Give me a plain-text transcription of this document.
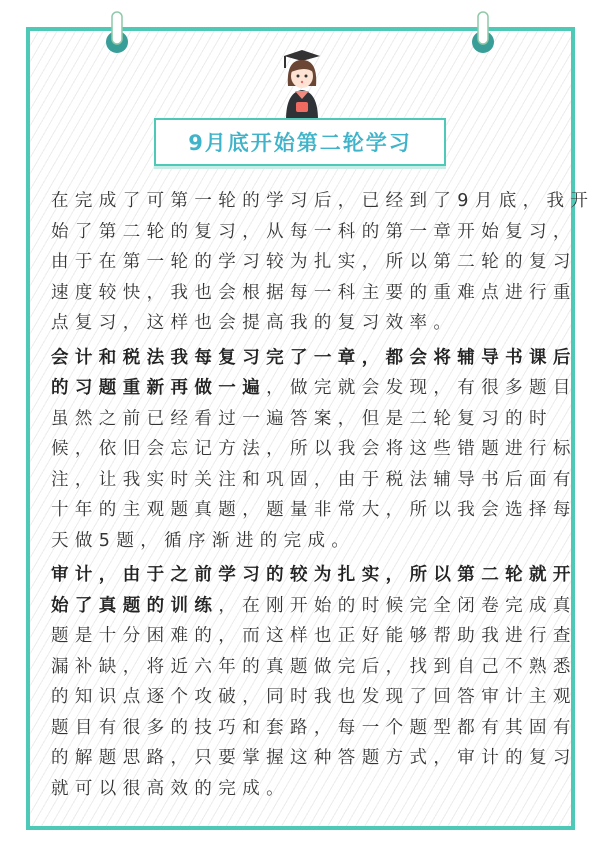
9月底开始第二轮学习
在完成了可第一轮的学习后，已经到了9月底，我开
始了第二轮的复习，从每一科的第一章开始复习，
由于在第一轮的学习较为扎实，所以第二轮的复习
速度较快，我也会根据每一科主要的重难点进行重
点复习，这样也会提高我的复习效率。
会计和税法我每复习完了一章，都会将辅导书课后
的习题重新再做一遍，做完就会发现，有很多题目
虽然之前已经看过一遍答案，但是二轮复习的时
候，依旧会忘记方法，所以我会将这些错题进行标
注，让我实时关注和巩固，由于税法辅导书后面有
十年的主观题真题，题量非常大，所以我会选择每
天做5题，循序渐进的完成。
审计，由于之前学习的较为扎实，所以第二轮就开
始了真题的训练，在刚开始的时候完全闭卷完成真
题是十分困难的，而这样也正好能够帮助我进行查
漏补缺，将近六年的真题做完后，找到自己不熟悉
的知识点逐个攻破，同时我也发现了回答审计主观
题目有很多的技巧和套路，每一个题型都有其固有
的解题思路，只要掌握这种答题方式，审计的复习
就可以很高效的完成。
